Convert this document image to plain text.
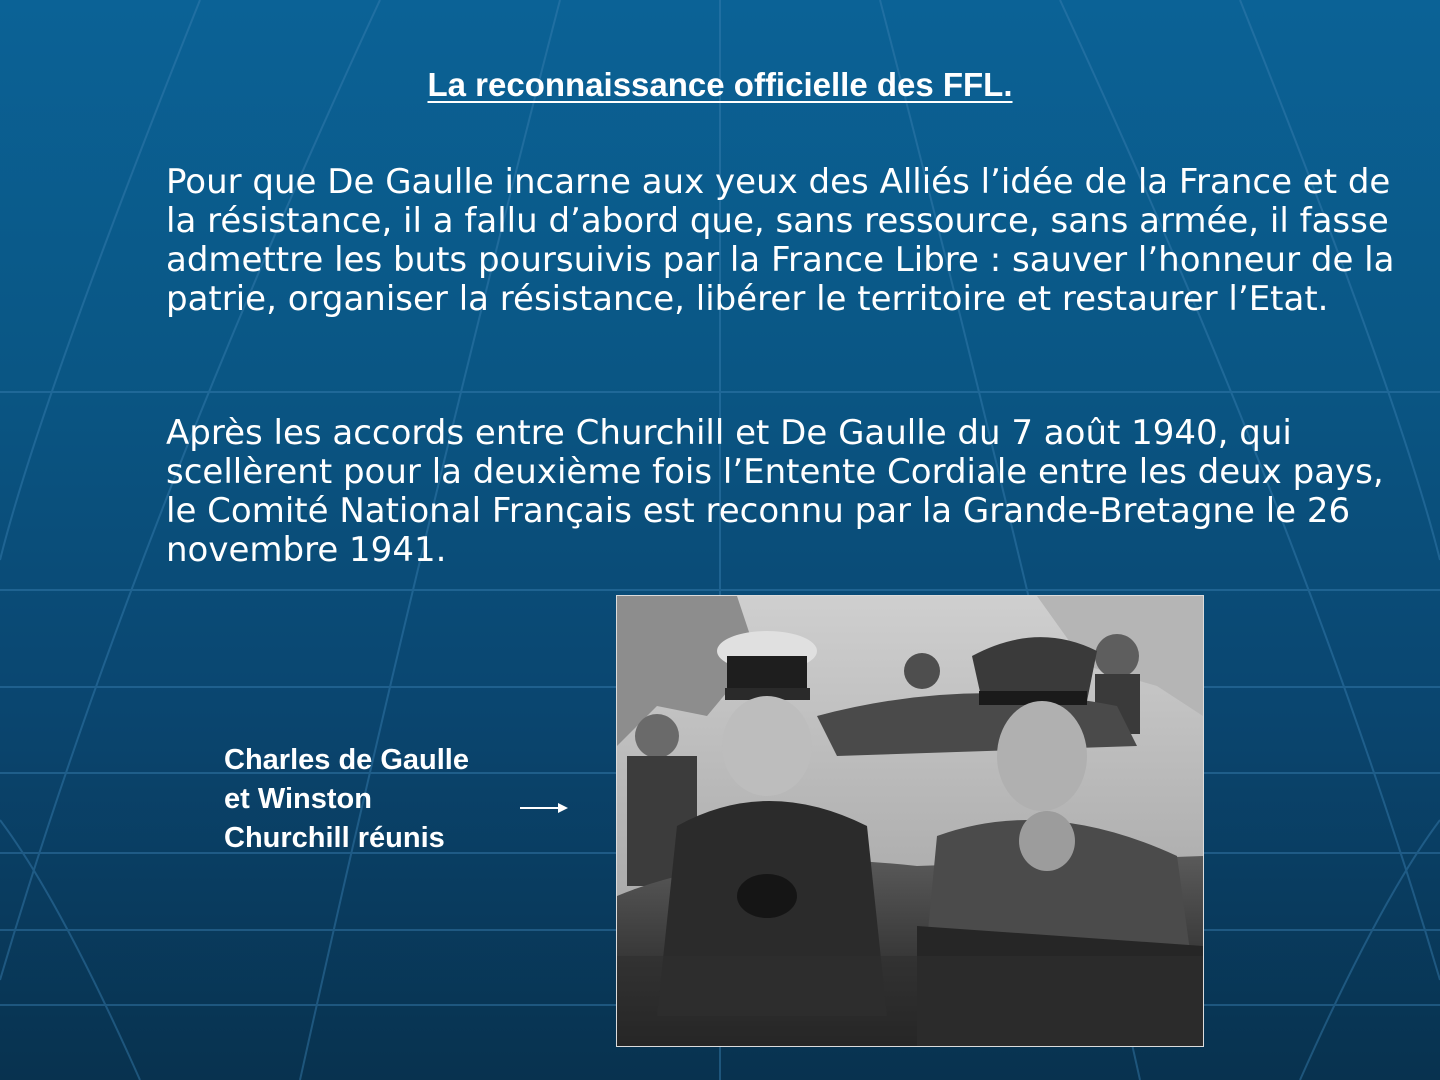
La reconnaissance officielle des FFL.

Pour que De Gaulle incarne aux yeux des Alliés l’idée de la France et de la résistance, il a fallu d’abord que, sans ressource, sans armée, il fasse admettre les buts poursuivis par la France Libre : sauver l’honneur de la patrie, organiser la résistance, libérer le territoire et restaurer l’Etat.

Après les accords entre Churchill et De Gaulle du 7 août 1940, qui scellèrent pour la deuxième fois l’Entente Cordiale entre les deux pays, le Comité National Français est reconnu par la Grande-Bretagne le 26 novembre 1941.

Charles de Gaulle
et Winston
Churchill réunis
